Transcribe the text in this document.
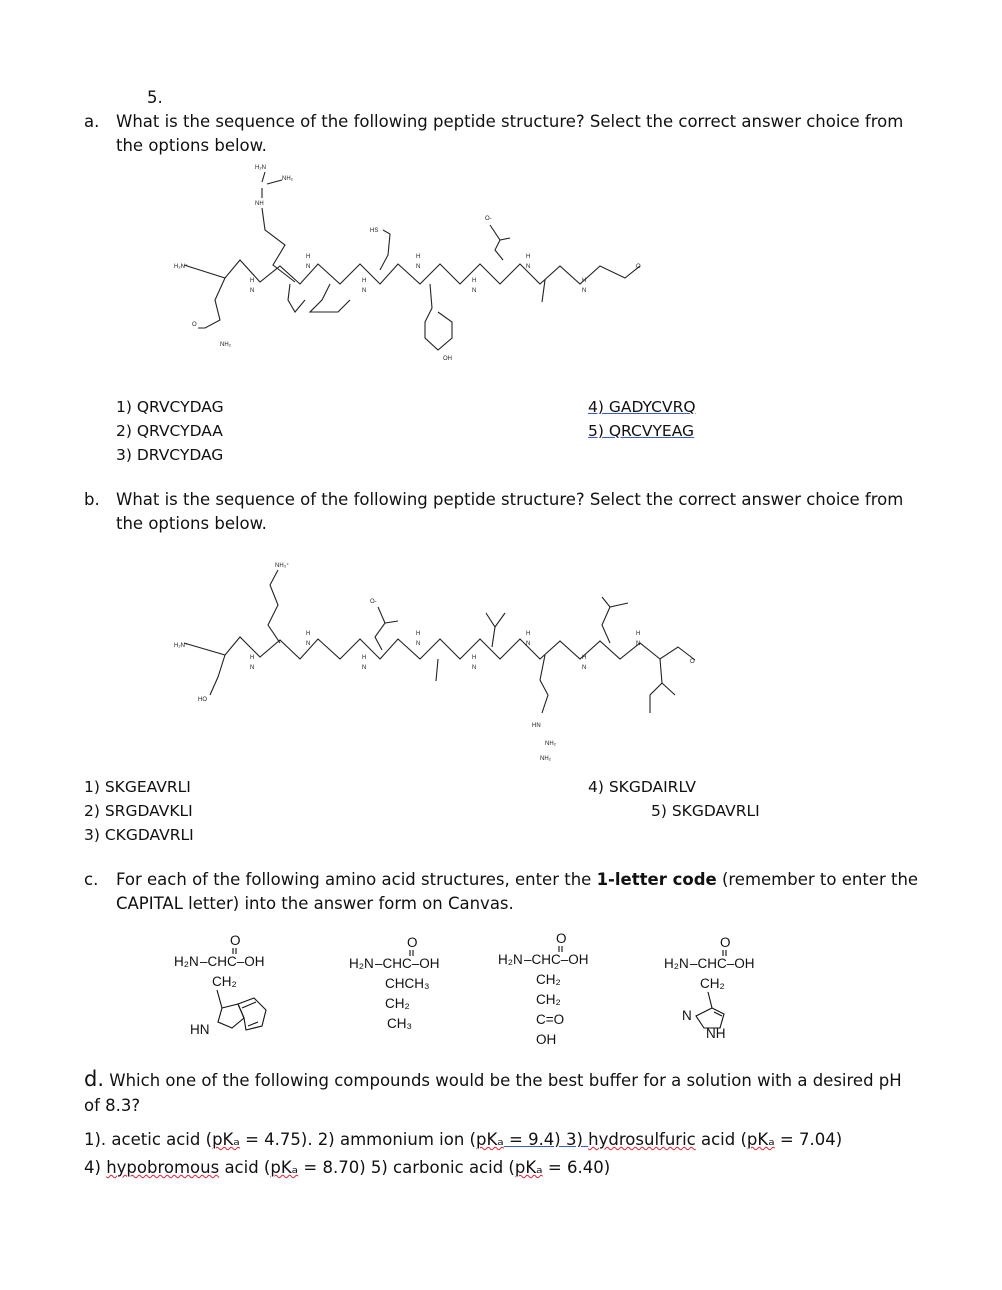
5.
a. What is the sequence of the following peptide structure? Select the correct answer choice from
the options below.
H₂N
NH₂
NH
HS
O-
H₂N⁺
O
NH₂
OH
O
H
N
H
N
H
N
H
N
H
N
H
N
H
N
1) QRVCYDAG
2) QRVCYDAA
3) DRVCYDAG
4) GADYCVRQ
5) QRCVYEAG
b. What is the sequence of the following peptide structure? Select the correct answer choice from
the options below.
NH₃⁺
O-
H₂N⁺
HO
HN
NH₂
NH₂
O
H
N
H
N
H
N
H
N
H
N
H
N
H
N
H
N
1) SKGEAVRLI
2) SRGDAVKLI
3) CKGDAVRLI
4) SKGDAIRLV
5) SKGDAVRLI
c. For each of the following amino acid structures, enter the 1-letter code (remember to enter the
CAPITAL letter) into the answer form on Canvas.
O
H₂N –CHC–OH
CH₂
HN
O
H₂N –CHC–OH
CHCH₃
CH₂
CH₃
O
H₂N –CHC–OH
CH₂
CH₂
C=O
OH
O
H₂N –CHC–OH
CH₂
N
NH
d. Which one of the following compounds would be the best buffer for a solution with a desired pH
of 8.3?
1). acetic acid (pKₐ = 4.75). 2) ammonium ion (pKₐ = 9.4) 3) hydrosulfuric acid (pKₐ = 7.04)
4) hypobromous acid (pKₐ = 8.70) 5) carbonic acid (pKₐ = 6.40)
